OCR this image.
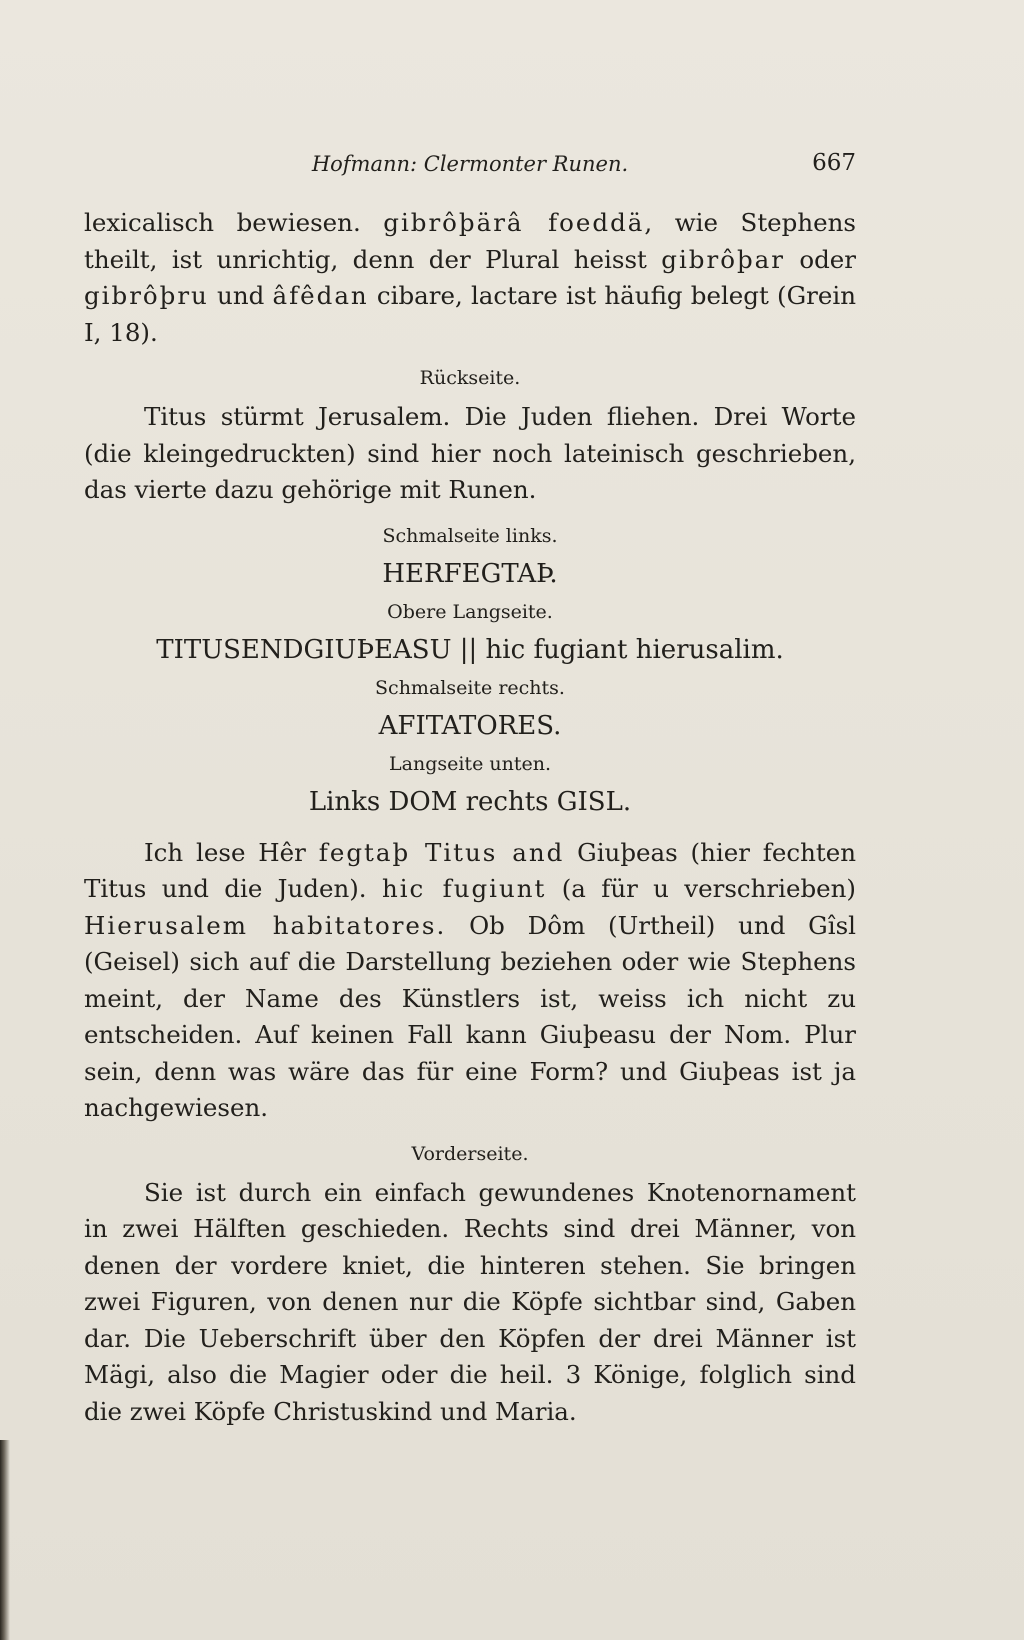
Hofmann: Clermonter Runen.	667

lexicalisch bewiesen. gibrôþärâ foeddä, wie Stephens theilt, ist unrichtig, denn der Plural heisst gibrôþar oder gibrôþru und âfêdan cibare, lactare ist häufig belegt (Grein I, 18).

Rückseite.

Titus stürmt Jerusalem. Die Juden fliehen. Drei Worte (die kleingedruckten) sind hier noch lateinisch geschrieben, das vierte dazu gehörige mit Runen.

Schmalseite links.
HERFEGTAÞ.
Obere Langseite.
TITUSENDGIUÞEASU || hic fugiant hierusalim.
Schmalseite rechts.
AFITATORES.
Langseite unten.
Links DOM rechts GISL.

Ich lese Hêr fegtaþ Titus and Giuþeas (hier fechten Titus und die Juden). hic fugiunt (a für u verschrieben) Hierusalem habitatores. Ob Dôm (Urtheil) und Gîsl (Geisel) sich auf die Darstellung beziehen oder wie Stephens meint, der Name des Künstlers ist, weiss ich nicht zu entscheiden. Auf keinen Fall kann Giuþeasu der Nom. Plur sein, denn was wäre das für eine Form? und Giuþeas ist ja nachgewiesen.

Vorderseite.

Sie ist durch ein einfach gewundenes Knotenornament in zwei Hälften geschieden. Rechts sind drei Männer, von denen der vordere kniet, die hinteren stehen. Sie bringen zwei Figuren, von denen nur die Köpfe sichtbar sind, Gaben dar. Die Ueberschrift über den Köpfen der drei Männer ist Mägi, also die Magier oder die heil. 3 Könige, folglich sind die zwei Köpfe Christuskind und Maria.
